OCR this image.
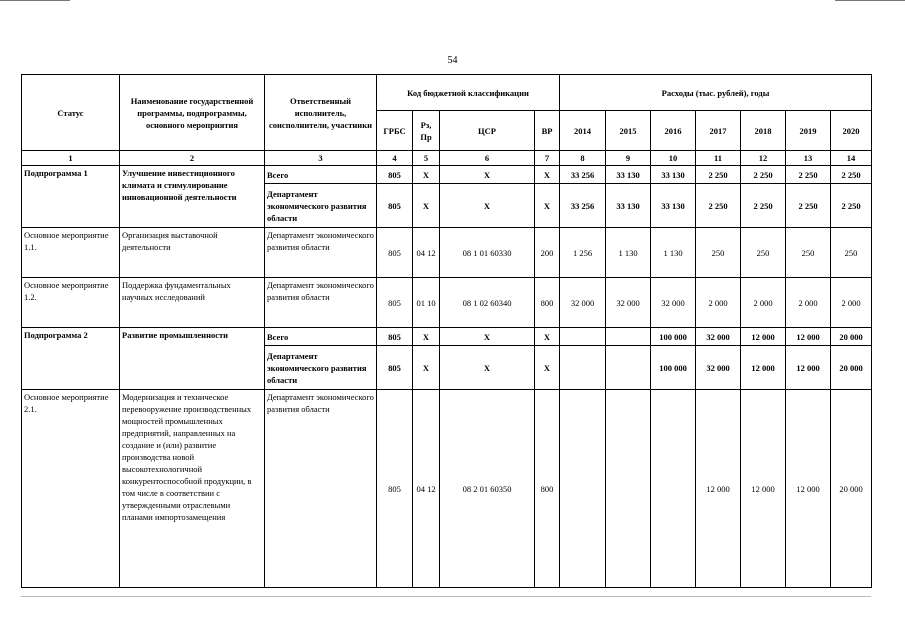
54
Статус	Наименование государственной программы, подпрограммы, основного мероприятия	Ответственный исполнитель, соисполнители, участники	Код бюджетной классификации				Расходы (тыс. рублей), годы						
			ГРБС	Рз, Пр	ЦСР	ВР	2014	2015	2016	2017	2018	2019	2020
1	2	3	4	5	6	7	8	9	10	11	12	13	14
Подпрограмма 1	Улучшение инвестиционного климата и стимулирование инновационной деятельности	Всего	805	X	X	X	33 256	33 130	33 130	2 250	2 250	2 250	2 250
		Департамент экономического развития области	805	X	X	X	33 256	33 130	33 130	2 250	2 250	2 250	2 250
Основное мероприятие 1.1.	Организация выставочной деятельности	Департамент экономического развития области	805	04 12	08 1 01 60330	200	1 256	1 130	1 130	250	250	250	250
Основное мероприятие 1.2.	Поддержка фундаментальных научных исследований	Департамент экономического развития области	805	01 10	08 1 02 60340	800	32 000	32 000	32 000	2 000	2 000	2 000	2 000
Подпрограмма 2	Развитие промышленности	Всего	805	X	X	X			100 000	32 000	12 000	12 000	20 000
		Департамент экономического развития области	805	X	X	X			100 000	32 000	12 000	12 000	20 000
Основное мероприятие 2.1.	Модернизация и техническое перевооружение производственных мощностей промышленных предприятий, направленных на создание и (или) развитие производства новой высокотехнологичной конкурентоспособной продукции, в том числе в соответствии с утвержденными отраслевыми планами импортозамещения	Департамент экономического развития области	805	04 12	08 2 01 60350	800				12 000	12 000	12 000	20 000
